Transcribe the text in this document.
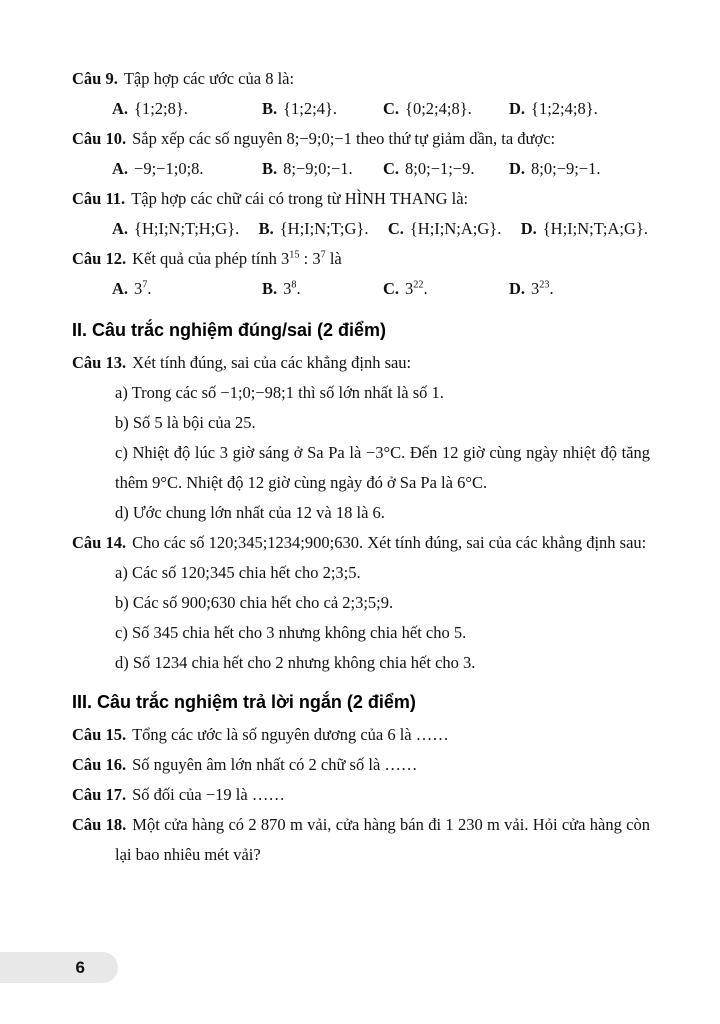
Câu 9. Tập hợp các ước của 8 là:

A. {1;2;8}.	B. {1;2;4}.	C. {0;2;4;8}.	D. {1;2;4;8}.

Câu 10. Sắp xếp các số nguyên 8;−9;0;−1 theo thứ tự giảm dần, ta được:

A. −9;−1;0;8.	B. 8;−9;0;−1.	C. 8;0;−1;−9.	D. 8;0;−9;−1.

Câu 11. Tập hợp các chữ cái có trong từ HÌNH THANG là:

A. {H;I;N;T;H;G}. B. {H;I;N;T;G}. C. {H;I;N;A;G}. D. {H;I;N;T;A;G}.

Câu 12. Kết quả của phép tính $3^{15}$ : $3^7$ là

A. $3^7$.	B. $3^8$.	C. $3^{22}$.	D. $3^{23}$.
II. Câu trắc nghiệm đúng/sai (2 điểm)

Câu 13. Xét tính đúng, sai của các khẳng định sau:

a) Trong các số −1;0;−98;1 thì số lớn nhất là số 1.

b) Số 5 là bội của 25.

c) Nhiệt độ lúc 3 giờ sáng ở Sa Pa là −3°C. Đến 12 giờ cùng ngày nhiệt độ tăng thêm 9°C. Nhiệt độ 12 giờ cùng ngày đó ở Sa Pa là 6°C.

d) Ước chung lớn nhất của 12 và 18 là 6.

Câu 14. Cho các số 120;345;1234;900;630. Xét tính đúng, sai của các khẳng định sau:

a) Các số 120;345 chia hết cho 2;3;5.

b) Các số 900;630 chia hết cho cả 2;3;5;9.

c) Số 345 chia hết cho 3 nhưng không chia hết cho 5.

d) Số 1234 chia hết cho 2 nhưng không chia hết cho 3.

III. Câu trắc nghiệm trả lời ngắn (2 điểm)

Câu 15. Tổng các ước là số nguyên dương của 6 là ……

Câu 16. Số nguyên âm lớn nhất có 2 chữ số là ……

Câu 17. Số đối của −19 là ……

Câu 18. Một cửa hàng có 2 870 m vải, cửa hàng bán đi 1 230 m vải. Hỏi cửa hàng còn lại bao nhiêu mét vải?

6
